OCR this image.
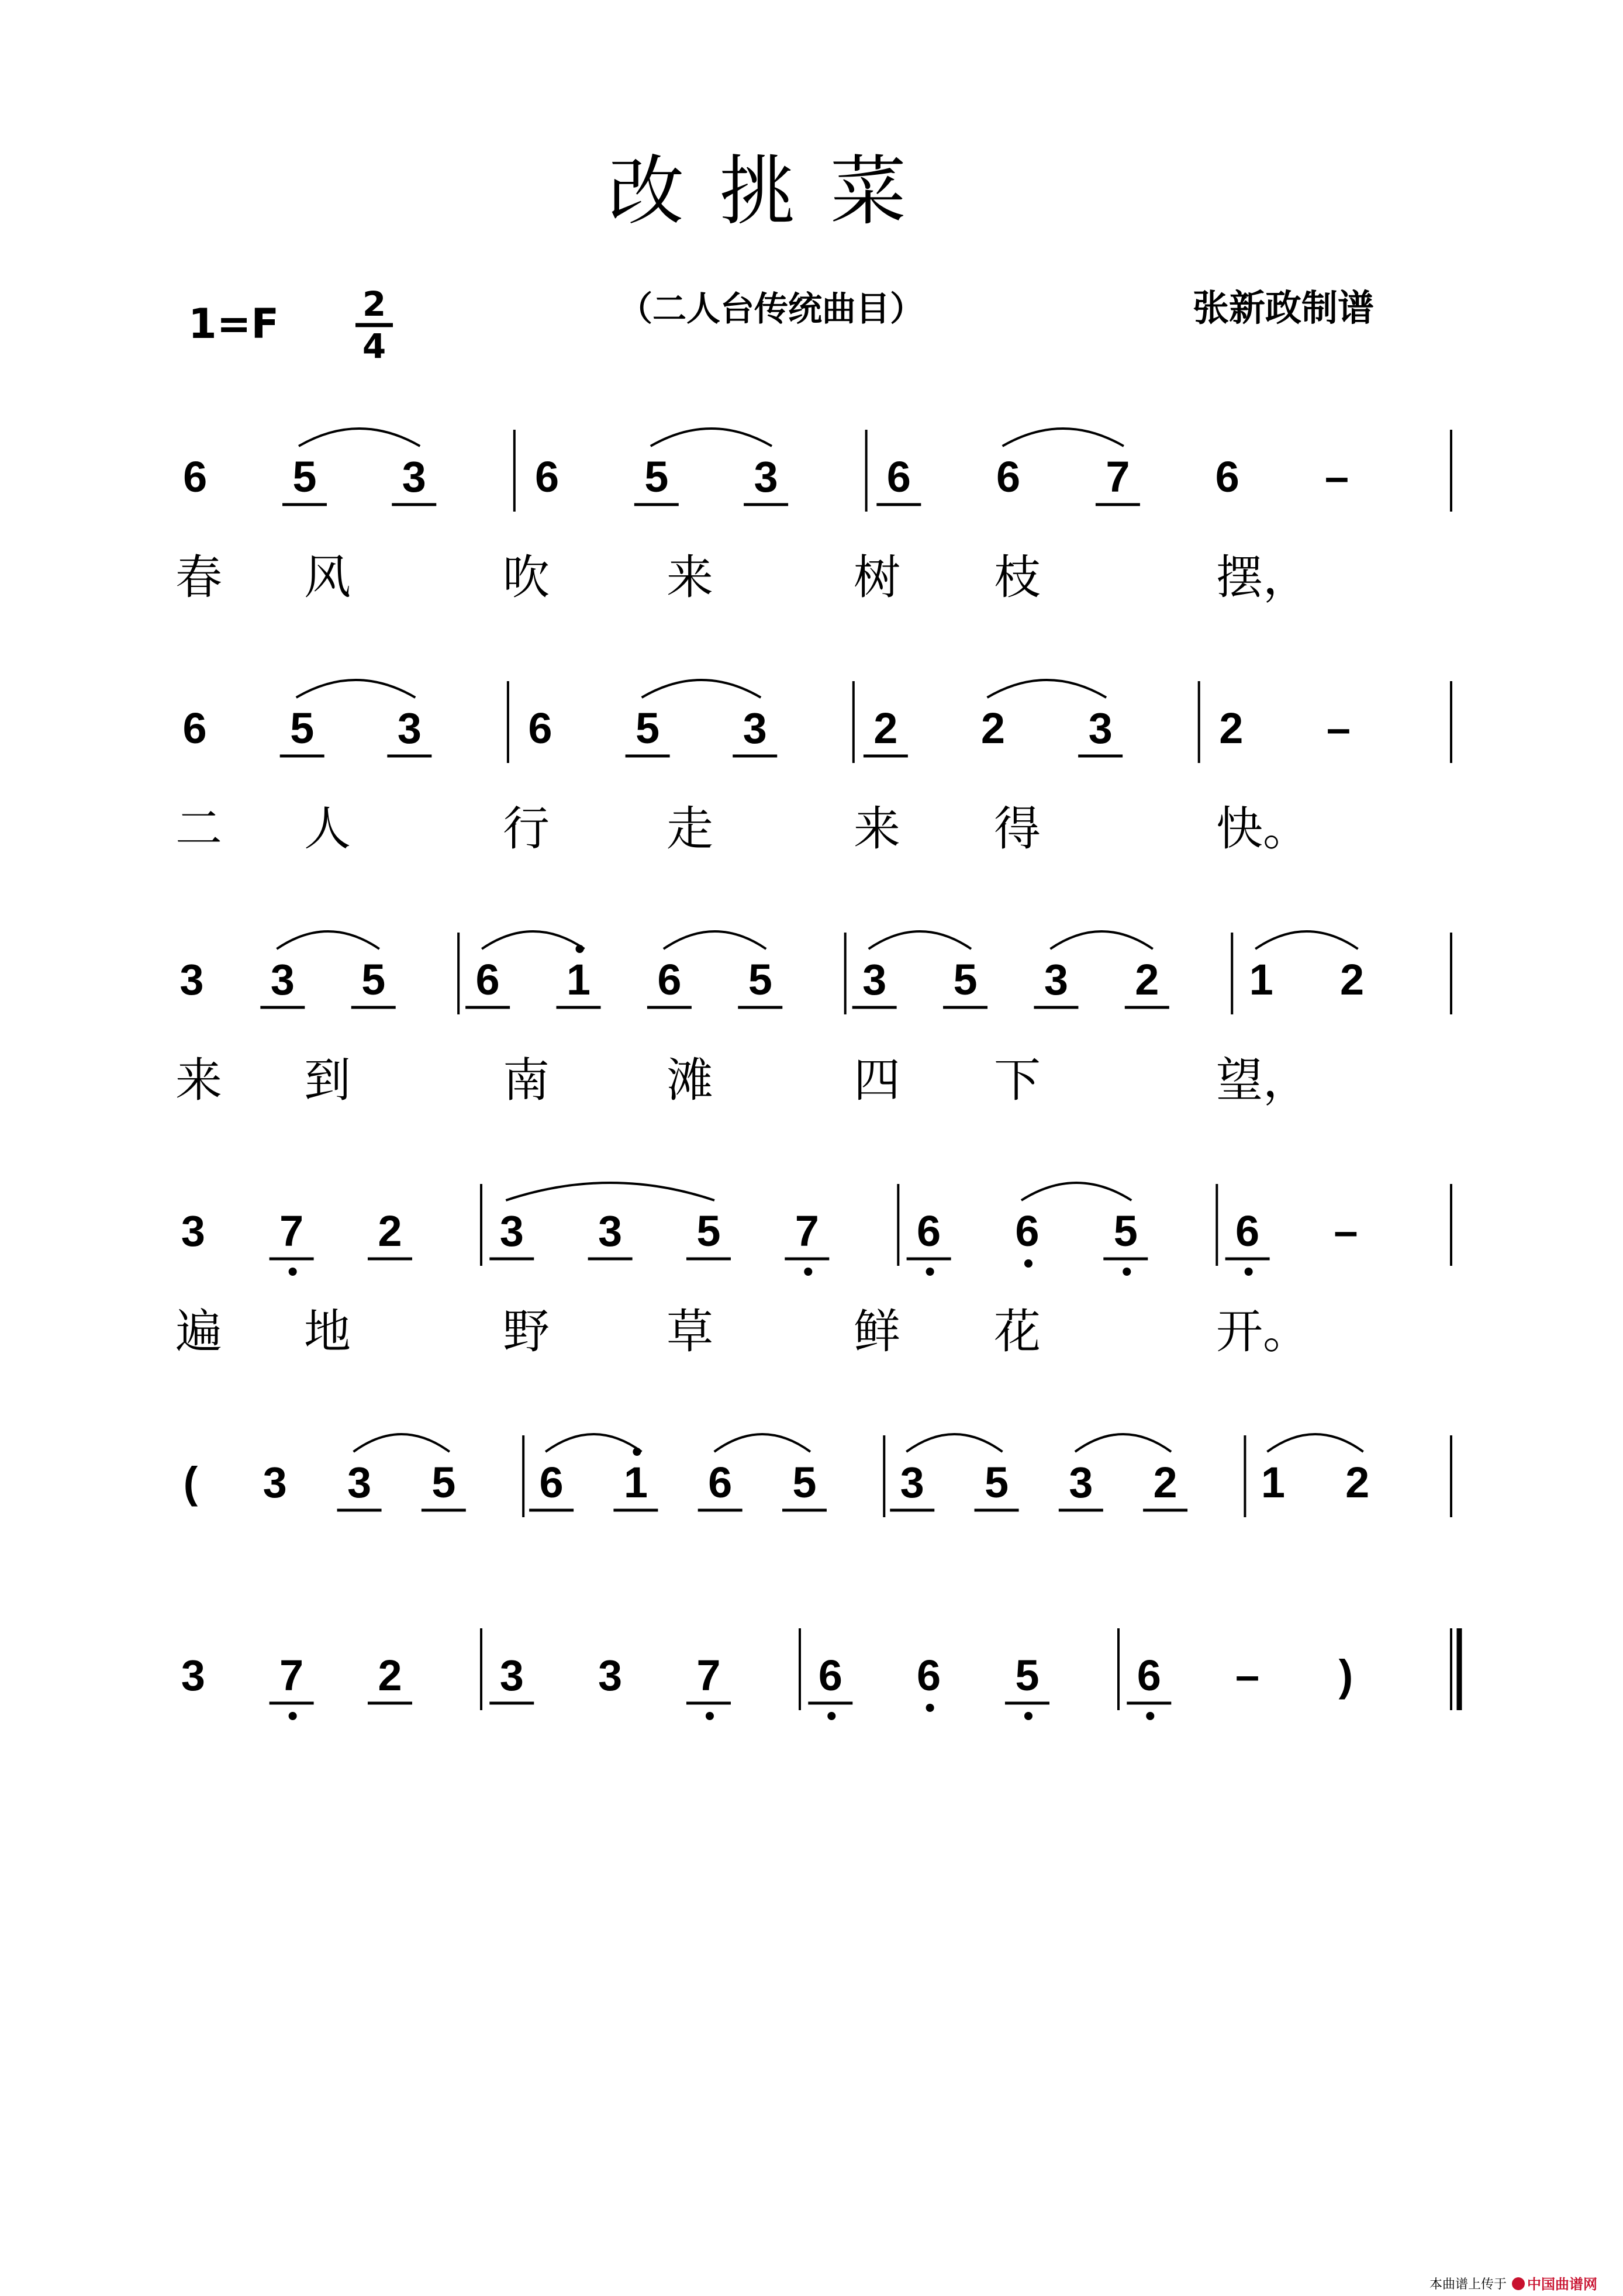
改挑菜
1=F 2
4
（二人台传统曲目）	张新政制谱
6 5 3	6 5 3	6 6 7 6 –
春 风	吹	来	树 枝	摆，
6 5 3 6 5 3 2 2 3 2 –
二 人	行	走	来 得	快。
3 3 5 6 1 6 5 3 5 3 2 1 2
来 到	南	滩	四 下	望，
3 7 2 3 3 5 7 6 6 5 6 –
遍 地	野	草	鲜 花	开。
( 3 3 5 6 1 6 5 3 5 3 2 1 2
3 7 2 3 3 7 6 6 5 6 – )
本曲谱上传于 中国曲谱网
